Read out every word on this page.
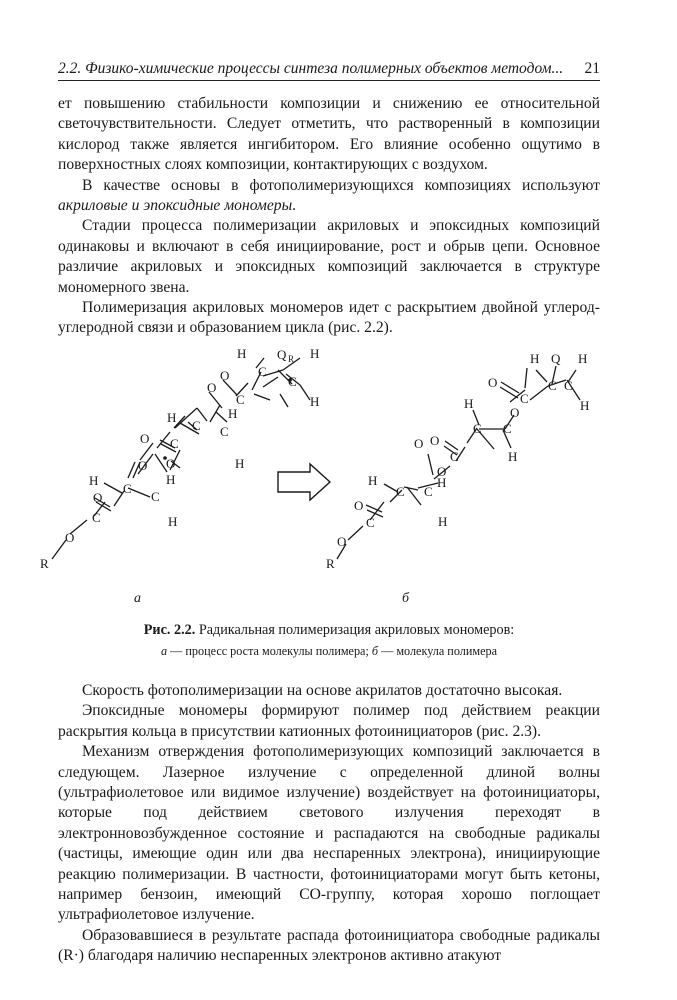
2.2. Физико-химические процессы синтеза полимерных объектов методом... 21

ет повышению стабильности композиции и снижению ее относительной светочувствительности. Следует отметить, что растворенный в композиции кислород также является ингибитором. Его влияние особенно ощутимо в поверхностных слоях композиции, контактирующих с воздухом.

В качестве основы в фотополимеризующихся композициях используют акриловые и эпоксидные мономеры.

Стадии процесса полимеризации акриловых и эпоксидных композиций одинаковы и включают в себя инициирование, рост и обрыв цепи. Основное различие акриловых и эпоксидных композиций заключается в структуре мономерного звена.

Полимеризация акриловых мономеров идет с раскрытием двойной углерод-углеродной связи и образованием цикла (рис. 2.2).

R
O
C
O
H
C
C
H
H
O
O
C
O
H
C C
H
H
O
C
O C
H
C
Q R H
H
R
O
C
O
H
C C
H
H
O
O
C
O
H
C C
H
O
O
C
H
C
Q
C
H
H
а	б
Рис. 2.2. Радикальная полимеризация акриловых мономеров:
а — процесс роста молекулы полимера; б — молекула полимера

Скорость фотополимеризации на основе акрилатов достаточно высокая.

Эпоксидные мономеры формируют полимер под действием реакции раскрытия кольца в присутствии катионных фотоинициаторов (рис. 2.3).

Механизм отверждения фотополимеризующих композиций заключается в следующем. Лазерное излучение с определенной длиной волны (ультрафиолетовое или видимое излучение) воздействует на фотоинициаторы, которые под действием светового излучения переходят в электронновозбужденное состояние и распадаются на свободные радикалы (частицы, имеющие один или два неспаренных электрона), инициирующие реакцию полимеризации. В частности, фотоинициаторами могут быть кетоны, например бензоин, имеющий CO-группу, которая хорошо поглощает ультрафиолетовое излучение.

Образовавшиеся в результате распада фотоинициатора свободные радикалы (R·) благодаря наличию неспаренных электронов активно атакуют
